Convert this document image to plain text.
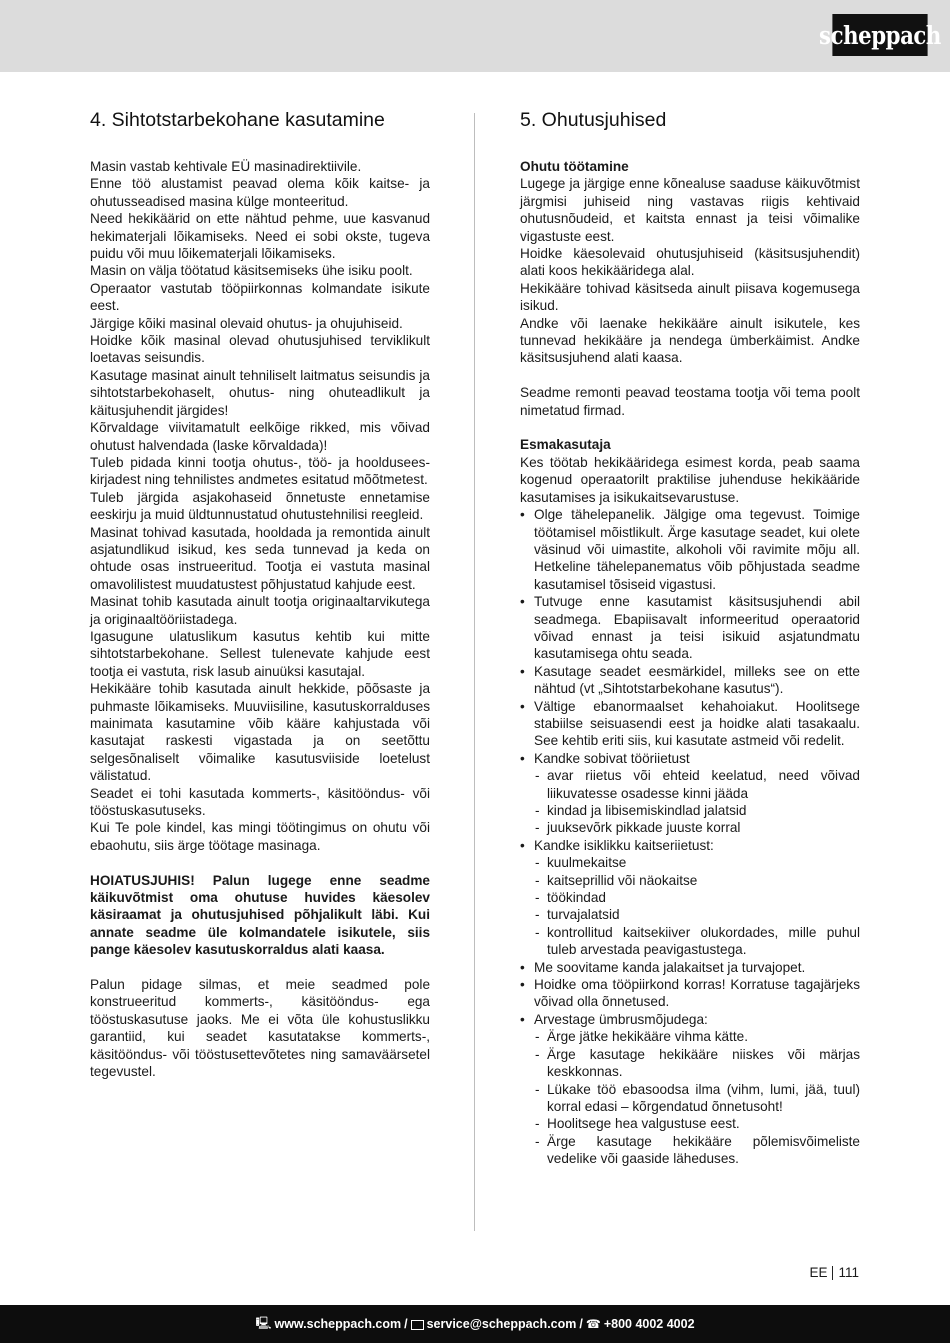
scheppach
4. Sihtotstarbekohane kasutamine

Masin vastab kehtivale EÜ masinadirektiivile.

Enne töö alustamist peavad olema kõik kaitse- ja ohutusseadised masina külge monteeritud.

Need hekikäärid on ette nähtud pehme, uue kasvanud hekimaterjali lõikamiseks. Need ei sobi okste, tugeva puidu või muu lõikematerjali lõikamiseks.

Masin on välja töötatud käsitsemiseks ühe isiku poolt.

Operaator vastutab tööpiirkonnas kolmandate isikute eest.

Järgige kõiki masinal olevaid ohutus- ja ohujuhiseid.

Hoidke kõik masinal olevad ohutusjuhised terviklikult loetavas seisundis.

Kasutage masinat ainult tehniliselt laitmatus seisundis ja sihtotstarbekohaselt, ohutus- ning ohuteadlikult ja käitusjuhendit järgides!

Kõrvaldage viivitamatult eelkõige rikked, mis võivad ohutust halvendada (laske kõrvaldada)!

Tuleb pidada kinni tootja ohutus-, töö- ja hooldusees-kirjadest ning tehnilistes andmetes esitatud mõõtmetest.

Tuleb järgida asjakohaseid õnnetuste ennetamise eeskirju ja muid üldtunnustatud ohutustehnilisi reeglеid.

Masinat tohivad kasutada, hooldada ja remontida ainult asjatundlikud isikud, kes seda tunnevad ja keda on ohtude osas instrueeritud. Tootja ei vastuta masinal omavolilistest muudatustest põhjustatud kahjude eest.

Masinat tohib kasutada ainult tootja originaaltarvikutega ja originaaltööriistadega.

Igasugune ulatuslikum kasutus kehtib kui mitte sihtotstarbekohane. Sellest tulenevate kahjude eest tootja ei vastuta, risk lasub ainuüksi kasutajal.

Hekikääre tohib kasutada ainult hekkide, põõsaste ja puhmaste lõikamiseks. Muuviisiline, kasutuskorralduses mainimata kasutamine võib kääre kahjustada või kasutajat raskesti vigastada ja on seetõttu selgesõnaliselt võimalike kasutusviiside loetelust välistatud.

Seadet ei tohi kasutada kommerts-, käsitööndus- või tööstuskasutuseks.

Kui Te pole kindel, kas mingi töötingimus on ohutu või ebaohutu, siis ärge töötage masinaga.

HOIATUSJUHIS! Palun lugege enne seadme käikuvõtmist oma ohutuse huvides käesolev käsiraamat ja ohutusjuhised põhjalikult läbi. Kui annate seadme üle kolmandatele isikutele, siis pange käesolev kasutuskorraldus alati kaasa.

Palun pidage silmas, et meie seadmed pole konstrueeritud kommerts-, käsitööndus- ega tööstuskasutuse jaoks. Me ei võta üle kohustuslikku garantiid, kui seadet kasutatakse kommerts-, käsitööndus- või tööstusettevõtetes ning samaväärsetel tegevustel.

5. Ohutusjuhised

Ohutu töötamine

Lugege ja järgige enne kõnealuse saaduse käikuvõtmist järgmisi juhiseid ning vastavas riigis kehtivaid ohutusnõudeid, et kaitsta ennast ja teisi võimalike vigastuste eest.

Hoidke käesolevaid ohutusjuhiseid (käsitsusjuhendit) alati koos hekikääridega alal.

Hekikääre tohivad käsitseda ainult piisava kogemusega isikud.

Andke või laenake hekikääre ainult isikutele, kes tunnevad hekikääre ja nendega ümberkäimist. Andke käsitsusjuhend alati kaasa.

Seadme remonti peavad teostama tootja või tema poolt nimetatud firmad.

Esmakasutaja

Kes töötab hekikääridega esimest korda, peab saama kogenud operaatorilt praktilise juhenduse hekikääride kasutamises ja isikukaitsevarustuse.

• Olge tähelepanelik. Jälgige oma tegevust. Toimige töötamisel mõistlikult. Ärge kasutage seadet, kui olete väsinud või uimastite, alkoholi või ravimite mõju all. Hetkeline tähelepanematus võib põhjustada seadme kasutamisel tõsiseid vigastusi.
• Tutvuge enne kasutamist käsitsusjuhendi abil seadmega. Ebapiisavalt informeeritud operaatorid võivad ennast ja teisi isikuid asjatundmatu kasutamisega ohtu seada.
• Kasutage seadet eesmärkidel, milleks see on ette nähtud (vt „Sihtotstarbekohane kasutus“).
• Vältige ebanormaalset kehahoiakut. Hoolitsege stabiilse seisuasendi eest ja hoidke alati tasakaalu. See kehtib eriti siis, kui kasutate astmeid või redelit.
• Kandke sobivat tööriietust
- avar riietus või ehteid keelatud, need võivad liikuvatesse osadesse kinni jääda
- kindad ja libisemiskindlad jalatsid
- juuksevõrk pikkade juuste korral
• Kandke isiklikku kaitseriietust:
- kuulmekaitse
- kaitseprillid või näokaitse
- töökindad
- turvajalatsid
- kontrollitud kaitsekiiver olukordades, mille puhul tuleb arvestada peavigastustega.
• Me soovitame kanda jalakaitset ja turvajopet.
• Hoidke oma tööpiirkond korras! Korratuse tagajärjeks võivad olla õnnetused.
• Arvestage ümbrusmõjudega:
- Ärge jätke hekikääre vihma kätte.
- Ärge kasutage hekikääre niiskes või märjas keskkonnas.
- Lükake töö ebasoodsa ilma (vihm, lumi, jää, tuul) korral edasi – kõrgendatud õnnetusoht!
- Hoolitsege hea valgustuse eest.
- Ärge kasutage hekikääre põlemisvõimeliste vedelike või gaaside läheduses.
EE 111
🖳 www.scheppach.com / service@scheppach.com / ☎ +800 4002 4002
